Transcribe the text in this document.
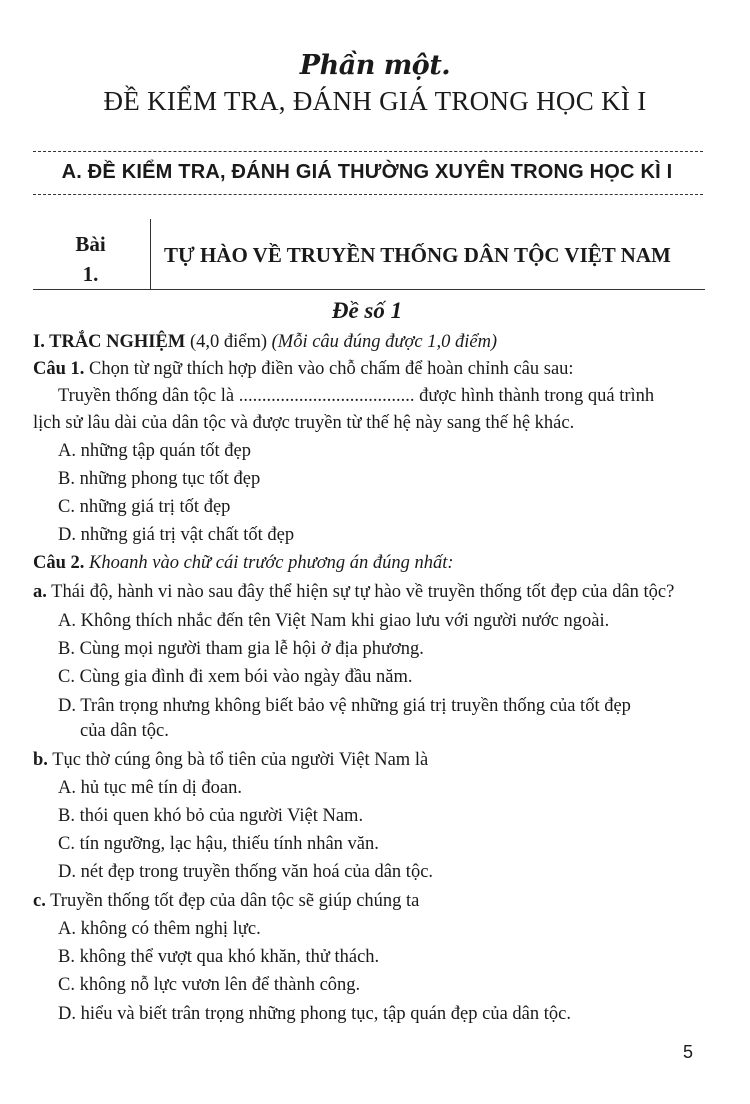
Phần một.
ĐỀ KIỂM TRA, ĐÁNH GIÁ TRONG HỌC KÌ I
A. ĐỀ KIỂM TRA, ĐÁNH GIÁ THƯỜNG XUYÊN TRONG HỌC KÌ I
Bài
1.
TỰ HÀO VỀ TRUYỀN THỐNG DÂN TỘC VIỆT NAM
Đề số 1
I. TRẮC NGHIỆM (4,0 điểm) (Mỗi câu đúng được 1,0 điểm)
Câu 1. Chọn từ ngữ thích hợp điền vào chỗ chấm để hoàn chỉnh câu sau:
Truyền thống dân tộc là ...................................... được hình thành trong quá trình
lịch sử lâu dài của dân tộc và được truyền từ thế hệ này sang thế hệ khác.
A. những tập quán tốt đẹp
B. những phong tục tốt đẹp
C. những giá trị tốt đẹp
D. những giá trị vật chất tốt đẹp
Câu 2. Khoanh vào chữ cái trước phương án đúng nhất:
a. Thái độ, hành vi nào sau đây thể hiện sự tự hào về truyền thống tốt đẹp của dân tộc?
A. Không thích nhắc đến tên Việt Nam khi giao lưu với người nước ngoài.
B. Cùng mọi người tham gia lễ hội ở địa phương.
C. Cùng gia đình đi xem bói vào ngày đầu năm.
D. Trân trọng nhưng không biết bảo vệ những giá trị truyền thống của tốt đẹp
của dân tộc.
b. Tục thờ cúng ông bà tổ tiên của người Việt Nam là
A. hủ tục mê tín dị đoan.
B. thói quen khó bỏ của người Việt Nam.
C. tín ngưỡng, lạc hậu, thiếu tính nhân văn.
D. nét đẹp trong truyền thống văn hoá của dân tộc.
c. Truyền thống tốt đẹp của dân tộc sẽ giúp chúng ta
A. không có thêm nghị lực.
B. không thể vượt qua khó khăn, thử thách.
C. không nỗ lực vươn lên để thành công.
D. hiểu và biết trân trọng những phong tục, tập quán đẹp của dân tộc.
5
